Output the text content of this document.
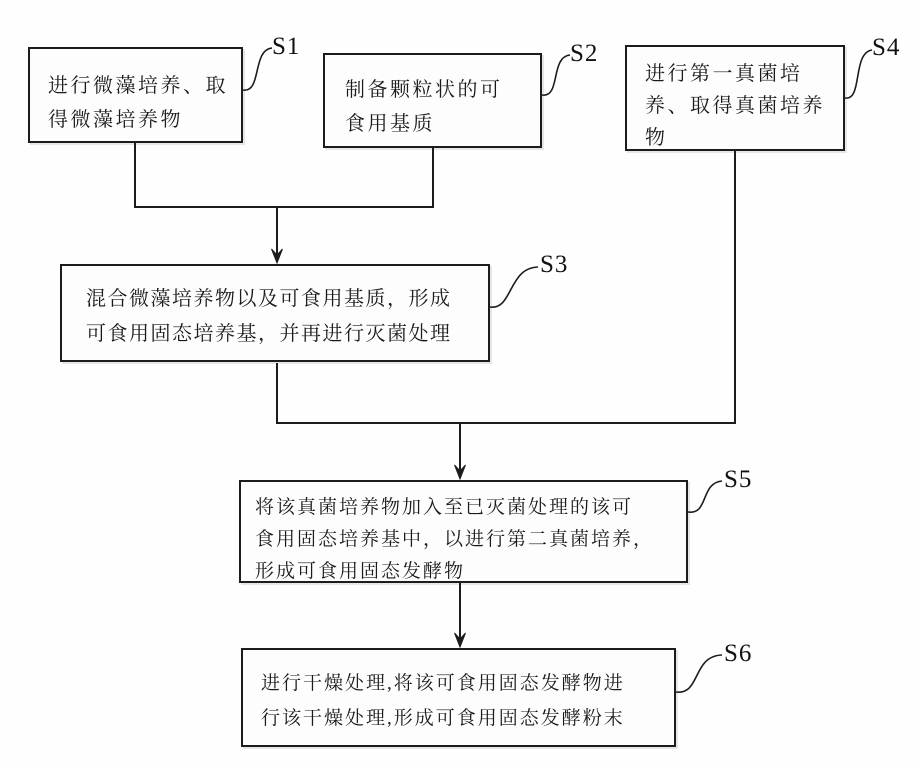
进行微藻培养、取
得微藻培养物
制备颗粒状的可
食用基质
进行第一真菌培
养、取得真菌培养
物
混合微藻培养物以及可食用基质，形成
可食用固态培养基，并再进行灭菌处理
将该真菌培养物加入至已灭菌处理的该可
食用固态培养基中，以进行第二真菌培养，
形成可食用固态发酵物
进行干燥处理,将该可食用固态发酵物进
行该干燥处理,形成可食用固态发酵粉末
S1	S2	S4
S3
S5
S6
